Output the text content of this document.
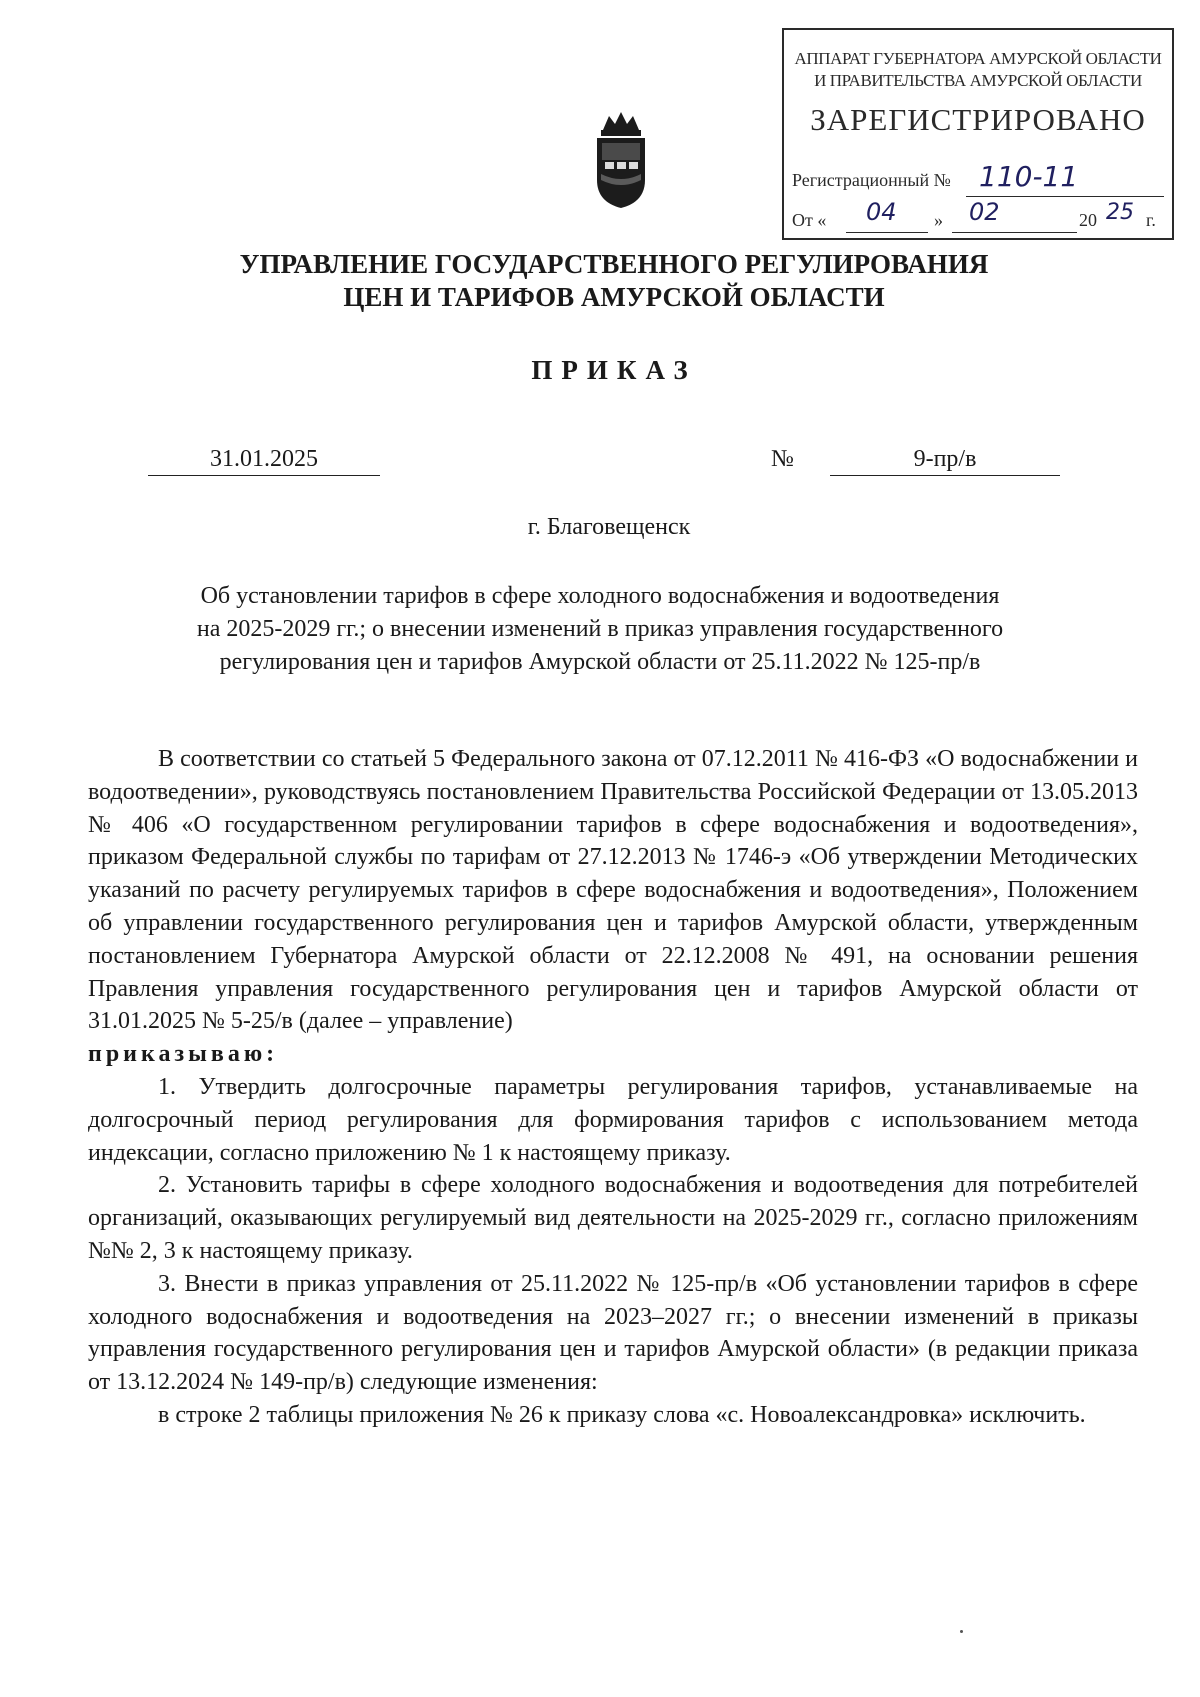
АППАРАТ ГУБЕРНАТОРА АМУРСКОЙ ОБЛАСТИ
И ПРАВИТЕЛЬСТВА АМУРСКОЙ ОБЛАСТИ
ЗАРЕГИСТРИРОВАНО
Регистрационный № 110-11
От « 04 » 02	20 25 г.
УПРАВЛЕНИЕ ГОСУДАРСТВЕННОГО РЕГУЛИРОВАНИЯ
ЦЕН И ТАРИФОВ АМУРСКОЙ ОБЛАСТИ
ПРИКАЗ
31.01.2025	№	9-пр/в
г. Благовещенск
Об установлении тарифов в сфере холодного водоснабжения и водоотведения
на 2025-2029 гг.; о внесении изменений в приказ управления государственного
регулирования цен и тарифов Амурской области от 25.11.2022 № 125-пр/в

В соответствии со статьей 5 Федерального закона от 07.12.2011 № 416-ФЗ «О водоснабжении и водоотведении», руководствуясь постановлением Правительства Российской Федерации от 13.05.2013 № 406 «О государственном регулировании тарифов в сфере водоснабжения и водоотведения», приказом Федеральной службы по тарифам от 27.12.2013 № 1746-э «Об утверждении Методических указаний по расчету регулируемых тарифов в сфере водоснабжения и водоотведения», Положением об управлении государственного регулирования цен и тарифов Амурской области, утвержденным постановлением Губернатора Амурской области от 22.12.2008 № 491, на основании решения Правления управления государственного регулирования цен и тарифов Амурской области от 31.01.2025 № 5-25/в (далее – управление)

приказываю:

1. Утвердить долгосрочные параметры регулирования тарифов, устанавливаемые на долгосрочный период регулирования для формирования тарифов с использованием метода индексации, согласно приложению № 1 к настоящему приказу.

2. Установить тарифы в сфере холодного водоснабжения и водоотведения для потребителей организаций, оказывающих регулируемый вид деятельности на 2025-2029 гг., согласно приложениям №№ 2, 3 к настоящему приказу.

3. Внести в приказ управления от 25.11.2022 № 125-пр/в «Об установлении тарифов в сфере холодного водоснабжения и водоотведения на 2023–2027 гг.; о внесении изменений в приказы управления государственного регулирования цен и тарифов Амурской области» (в редакции приказа от 13.12.2024 № 149-пр/в) следующие изменения:

в строке 2 таблицы приложения № 26 к приказу слова «с. Новоалександровка» исключить.
